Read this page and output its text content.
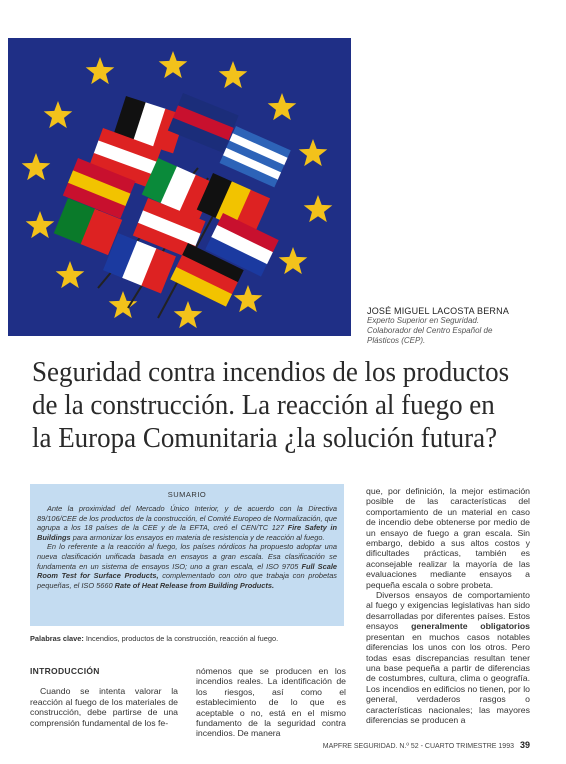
JOSÉ MIGUEL LACOSTA BERNA
Experto Superior en Seguridad.
Colaborador del Centro Español de
Plásticos (CEP).
Seguridad contra incendios de los productos
de la construcción. La reacción al fuego en
la Europa Comunitaria ¿la solución futura?
SUMARIO

Ante la proximidad del Mercado Único Interior, y de acuerdo con la Directiva 89/106/CEE de los productos de la construcción, el Comité Europeo de Normalización, que agrupa a los 18 países de la CEE y de la EFTA, creó el CEN/TC 127 Fire Safety in Buildings para armonizar los ensayos en materia de resistencia y de reacción al fuego.

En lo referente a la reacción al fuego, los países nórdicos ha propuesto adoptar una nueva clasificación unificada basada en ensayos a gran escala. Esa clasificación se fundamenta en un sistema de ensayos ISO; uno a gran escala, el ISO 9705 Full Scale Room Test for Surface Products, complementado con otro que trabaja con probetas pequeñas, el ISO 5660 Rate of Heat Release from Building Products.

Palabras clave: Incendios, productos de la construcción, reacción al fuego.
INTRODUCCIÓN

Cuando se intenta valorar la reacción al fuego de los materiales de construcción, debe partirse de una comprensión fundamental de los fe-

nómenos que se producen en los incendios reales. La identificación de los riesgos, así como el establecimiento de lo que es aceptable o no, está en el mismo fundamento de la seguridad contra incendios. De manera

que, por definición, la mejor estimación posible de las características del comportamiento de un material en caso de incendio debe obtenerse por medio de un ensayo de fuego a gran escala. Sin embargo, debido a sus altos costos y dificultades prácticas, también es aconsejable realizar la mayoría de las evaluaciones mediante ensayos a pequeña escala o sobre probeta.

Diversos ensayos de comportamiento al fuego y exigencias legislativas han sido desarrolladas por diferentes países. Estos ensayos generalmente obligatorios presentan en muchos casos notables diferencias los unos con los otros. Pero todas esas discrepancias resultan tener una base pequeña a partir de diferencias de costumbres, cultura, clima o geografía. Los incendios en edificios no tienen, por lo general, verdaderos rasgos o características nacionales; las mayores diferencias se producen a

MAPFRE SEGURIDAD. N.º 52 - CUARTO TRIMESTRE 1993 39
